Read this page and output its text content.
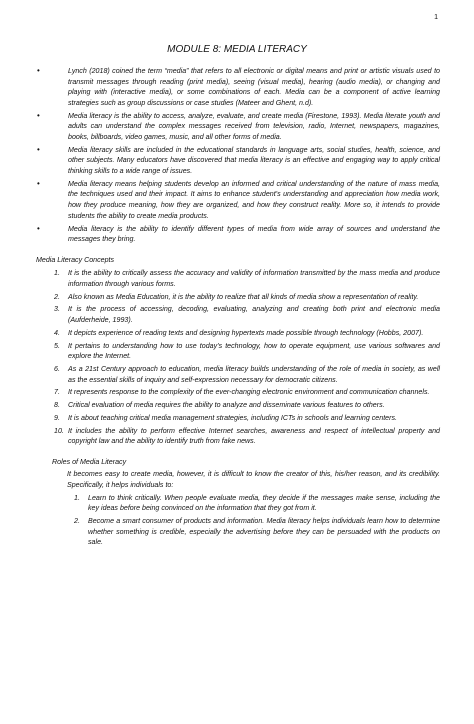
1
MODULE 8: MEDIA LITERACY
• Lynch (2018) coined the term “media” that refers to all electronic or digital means and print or artistic visuals used to transmit messages through reading (print media), seeing (visual media), hearing (audio media), or changing and playing with (interactive media), or some combinations of each. Media can be a component of active learning strategies such as group discussions or case studies (Mateer and Ghent, n.d).
• Media literacy is the ability to access, analyze, evaluate, and create media (Firestone, 1993). Media literate youth and adults can understand the complex messages received from television, radio, Internet, newspapers, magazines, books, billboards, video games, music, and all other forms of media.
• Media literacy skills are included in the educational standards in language arts, social studies, health, science, and other subjects. Many educators have discovered that media literacy is an effective and engaging way to apply critical thinking skills to a wide range of issues.
• Media literacy means helping students develop an informed and critical understanding of the nature of mass media, the techniques used and their impact. It aims to enhance student’s understanding and appreciation how media work, how they produce meaning, how they are organized, and how they construct reality. More so, it intends to provide students the ability to create media products.
• Media literacy is the ability to identify different types of media from wide array of sources and understand the messages they bring.
Media Literacy Concepts
1. It is the ability to critically assess the accuracy and validity of information transmitted by the mass media and produce information through various forms.
2. Also known as Media Education, it is the ability to realize that all kinds of media show a representation of reality.
3. It is the process of accessing, decoding, evaluating, analyzing and creating both print and electronic media (Aufderheide, 1993).
4. It depicts experience of reading texts and designing hypertexts made possible through technology (Hobbs, 2007).
5. It pertains to understanding how to use today’s technology, how to operate equipment, use various softwares and explore the Internet.
6. As a 21st Century approach to education, media literacy builds understanding of the role of media in society, as well as the essential skills of inquiry and self-expression necessary for democratic citizens.
7. It represents response to the complexity of the ever-changing electronic environment and communication channels.
8. Critical evaluation of media requires the ability to analyze and disseminate various features to others.
9. It is about teaching critical media management strategies, including ICTs in schools and learning centers.
10. It includes the ability to perform effective Internet searches, awareness and respect of intellectual property and copyright law and the ability to identify truth from fake news.
Roles of Media Literacy
It becomes easy to create media, however, it is difficult to know the creator of this, his/her reason, and its credibility. Specifically, it helps individuals to:
1. Learn to think critically. When people evaluate media, they decide if the messages make sense, including the key ideas before being convinced on the information that they got from it.
2. Become a smart consumer of products and information. Media literacy helps individuals learn how to determine whether something is credible, especially the advertising before they can be persuaded with the products on sale.
